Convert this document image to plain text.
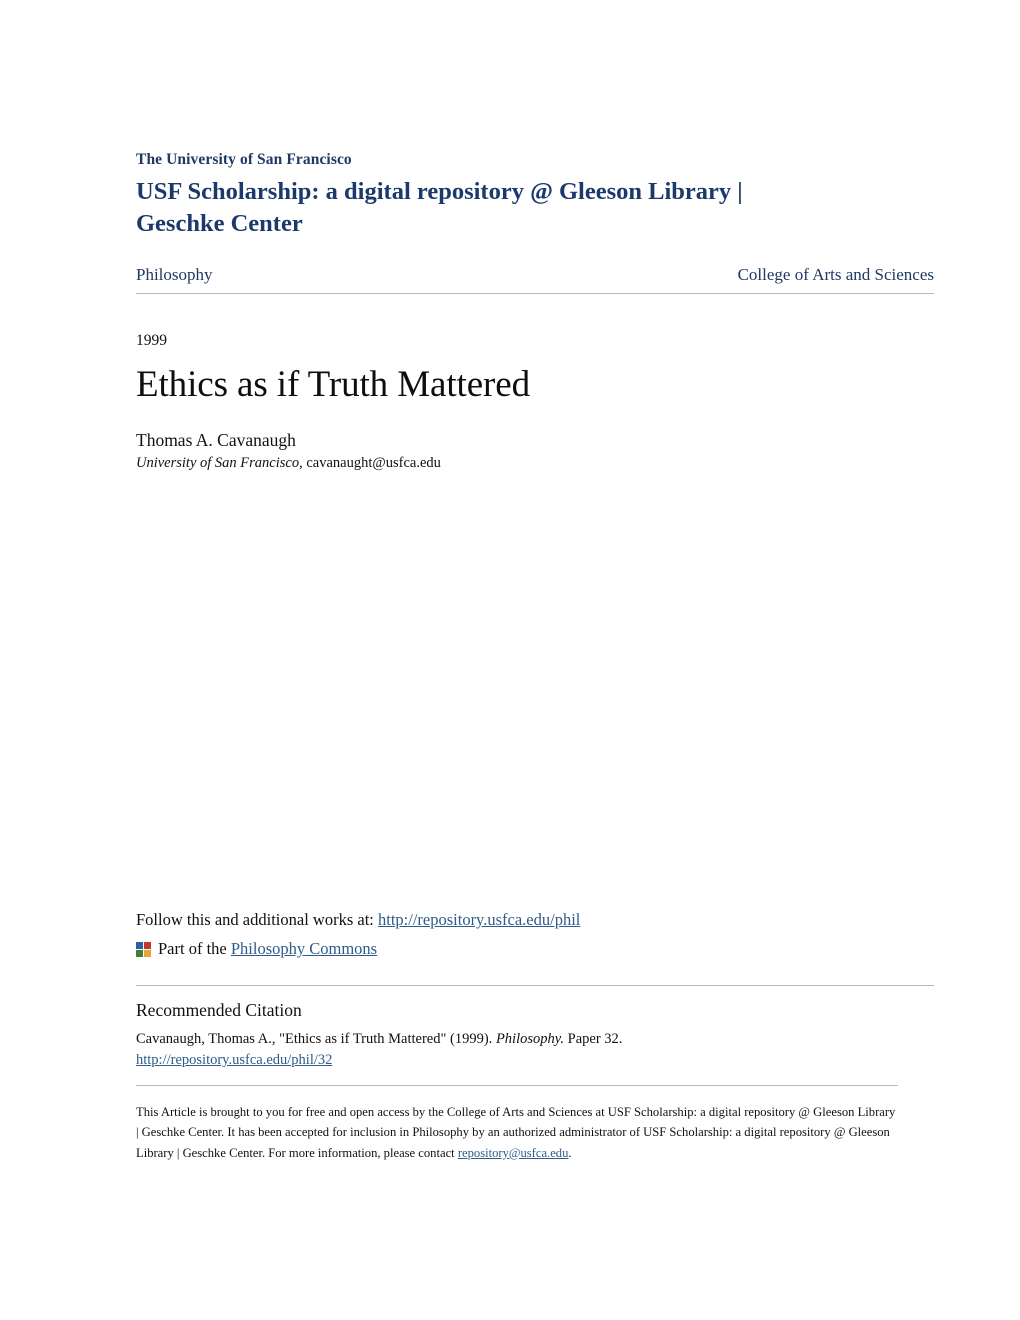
The University of San Francisco
USF Scholarship: a digital repository @ Gleeson Library | Geschke Center
Philosophy	College of Arts and Sciences
1999
Ethics as if Truth Mattered
Thomas A. Cavanaugh
University of San Francisco, cavanaught@usfca.edu
Follow this and additional works at: http://repository.usfca.edu/phil
Part of the Philosophy Commons
Recommended Citation
Cavanaugh, Thomas A., "Ethics as if Truth Mattered" (1999). Philosophy. Paper 32.
http://repository.usfca.edu/phil/32
This Article is brought to you for free and open access by the College of Arts and Sciences at USF Scholarship: a digital repository @ Gleeson Library | Geschke Center. It has been accepted for inclusion in Philosophy by an authorized administrator of USF Scholarship: a digital repository @ Gleeson Library | Geschke Center. For more information, please contact repository@usfca.edu.
